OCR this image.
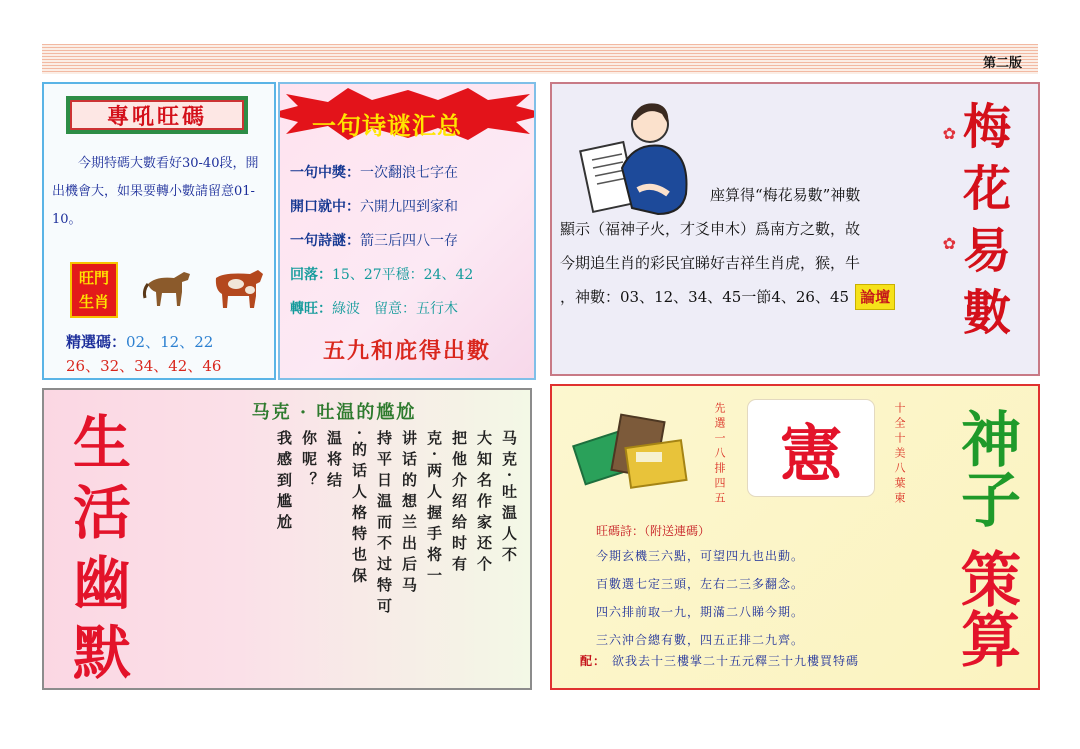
第二版
專吼旺碼
今期特碼大數看好30-40段，開出機會大，如果要轉小數請留意01-10。
旺門
生肖
精選碼：02、12、22
26、32、34、42、46
一句诗谜汇总
一句中獎：一次翻浪七字在
開口就中：六開九四到家和
一句詩謎：箭三后四八一存
回落：15、27平穩：24、42
轉旺：綠波　留意：五行木
五九和庇得出數
座算得“梅花易數”神數
顯示（福神子火，才爻申木）爲南方之數，故
今期追生肖的彩民宜睇好吉祥生肖虎，猴，牛
，神數：03、12、34、45一節4、26、45 論壇
✿
✿
梅花易數
生活幽默
马克 · 吐温的尴尬
马克·吐温人不
大知名作家还个
把他介绍给时有
克·两人握手将一
讲话的想兰出后马
持平日温而不过特可
·的话人格特也保
温将结
你呢？
我感到尴尬	先選一八排四五 憲	十全十美八葉柬
旺碼詩：（附送連碼）
今期玄機三六點，可望四九也出動。
百數選七定三頭，左右二三多翻念。
四六排前取一九，期滿二八睇今期。
三六沖合總有數，四五正排二九齊。
配： 欲我去十三樓掌二十五元釋三十九樓買特碼
神子
策算
